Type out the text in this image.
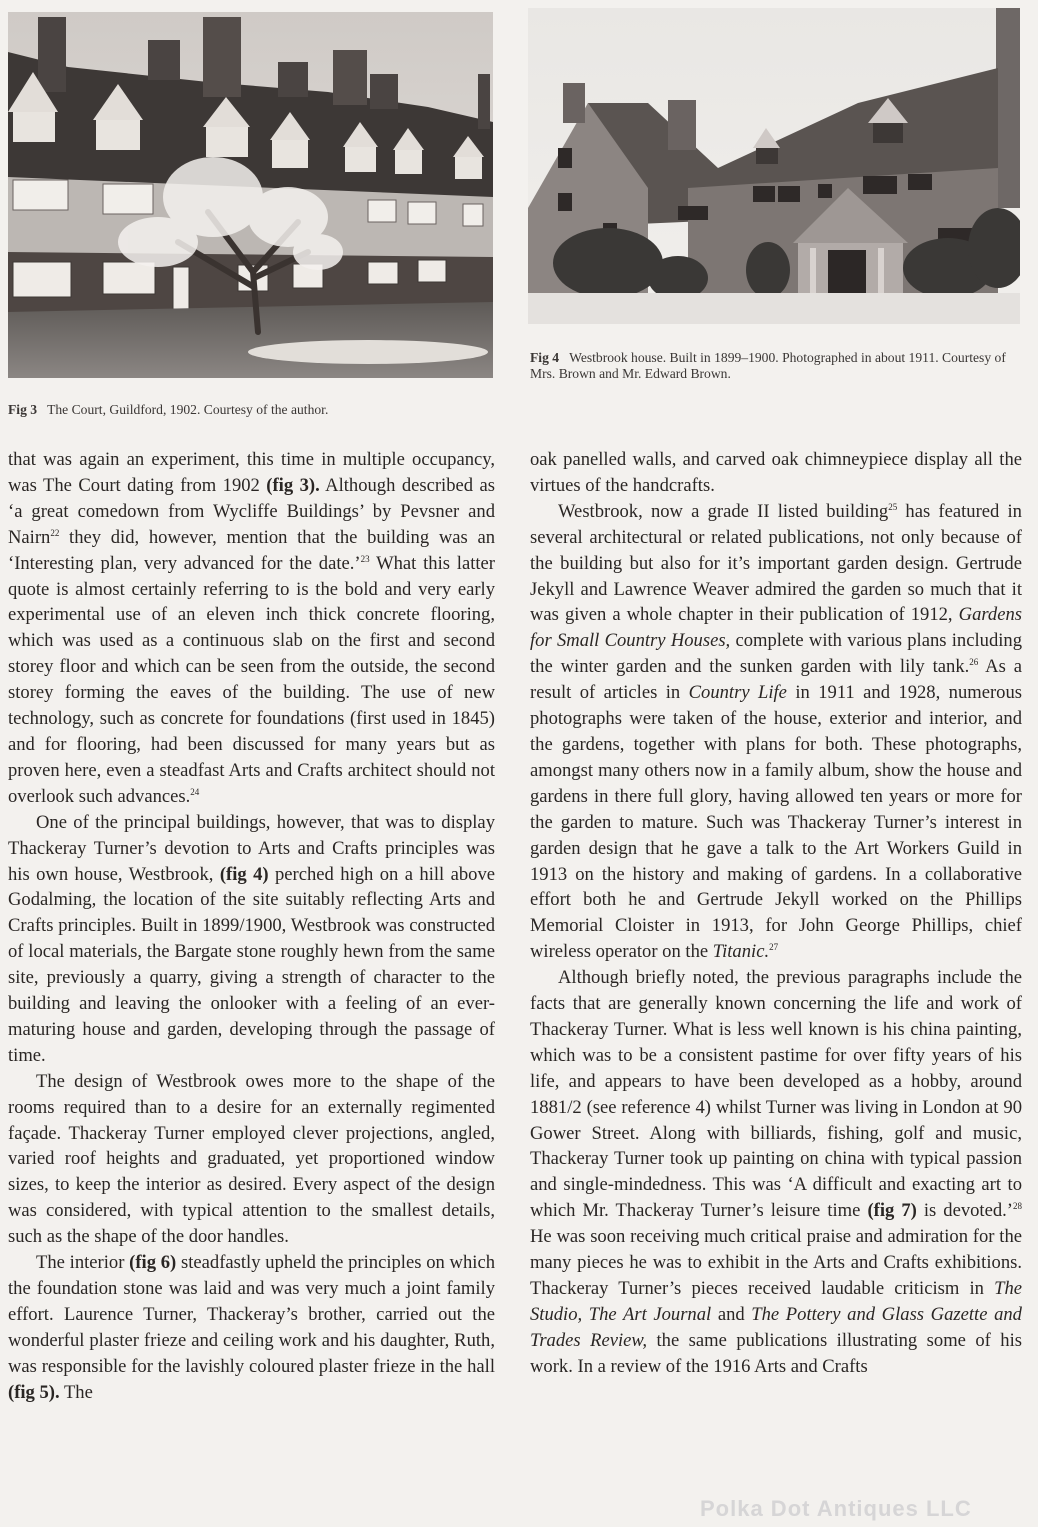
Fig 3 The Court, Guildford, 1902. Courtesy of the author.
Fig 4 Westbrook house. Built in 1899–1900. Photographed in about 1911. Courtesy of Mrs. Brown and Mr. Edward Brown.

that was again an experiment, this time in multiple occupancy, was The Court dating from 1902 (fig 3). Although described as ‘a great comedown from Wycliffe Buildings’ by Pevsner and Nairn$^{22}$ they did, however, mention that the building was an ‘Interesting plan, very advanced for the date.’$^{23}$ What this latter quote is almost certainly referring to is the bold and very early experimental use of an eleven inch thick concrete flooring, which was used as a continuous slab on the first and second storey floor and which can be seen from the outside, the second storey forming the eaves of the building. The use of new technology, such as concrete for foundations (first used in 1845) and for flooring, had been discussed for many years but as proven here, even a steadfast Arts and Crafts architect should not overlook such advances.$^{24}$

One of the principal buildings, however, that was to display Thackeray Turner’s devotion to Arts and Crafts principles was his own house, Westbrook, (fig 4) perched high on a hill above Godalming, the location of the site suitably reflecting Arts and Crafts principles. Built in 1899/1900, Westbrook was constructed of local materials, the Bargate stone roughly hewn from the same site, previously a quarry, giving a strength of character to the building and leaving the onlooker with a feeling of an ever-maturing house and garden, developing through the passage of time.

The design of Westbrook owes more to the shape of the rooms required than to a desire for an externally regimented façade. Thackeray Turner employed clever projections, angled, varied roof heights and graduated, yet proportioned window sizes, to keep the interior as desired. Every aspect of the design was considered, with typical attention to the smallest details, such as the shape of the door handles.

The interior (fig 6) steadfastly upheld the principles on which the foundation stone was laid and was very much a joint family effort. Laurence Turner, Thackeray’s brother, carried out the wonderful plaster frieze and ceiling work and his daughter, Ruth, was responsible for the lavishly coloured plaster frieze in the hall (fig 5). The

oak panelled walls, and carved oak chimneypiece display all the virtues of the handcrafts.

Westbrook, now a grade II listed building$^{25}$ has featured in several architectural or related publications, not only because of the building but also for it’s important garden design. Gertrude Jekyll and Lawrence Weaver admired the garden so much that it was given a whole chapter in their publication of 1912, Gardens for Small Country Houses, complete with various plans including the winter garden and the sunken garden with lily tank.$^{26}$ As a result of articles in Country Life in 1911 and 1928, numerous photographs were taken of the house, exterior and interior, and the gardens, together with plans for both. These photographs, amongst many others now in a family album, show the house and gardens in there full glory, having allowed ten years or more for the garden to mature. Such was Thackeray Turner’s interest in garden design that he gave a talk to the Art Workers Guild in 1913 on the history and making of gardens. In a collaborative effort both he and Gertrude Jekyll worked on the Phillips Memorial Cloister in 1913, for John George Phillips, chief wireless operator on the Titanic.$^{27}$

Although briefly noted, the previous paragraphs include the facts that are generally known concerning the life and work of Thackeray Turner. What is less well known is his china painting, which was to be a consistent pastime for over fifty years of his life, and appears to have been developed as a hobby, around 1881/2 (see reference 4) whilst Turner was living in London at 90 Gower Street. Along with billiards, fishing, golf and music, Thackeray Turner took up painting on china with typical passion and single-mindedness. This was ‘A difficult and exacting art to which Mr. Thackeray Turner’s leisure time (fig 7) is devoted.’$^{28}$ He was soon receiving much critical praise and admiration for the many pieces he was to exhibit in the Arts and Crafts exhibitions. Thackeray Turner’s pieces received laudable criticism in The Studio, The Art Journal and The Pottery and Glass Gazette and Trades Review, the same publications illustrating some of his work. In a review of the 1916 Arts and Crafts

Polka Dot Antiques LLC
